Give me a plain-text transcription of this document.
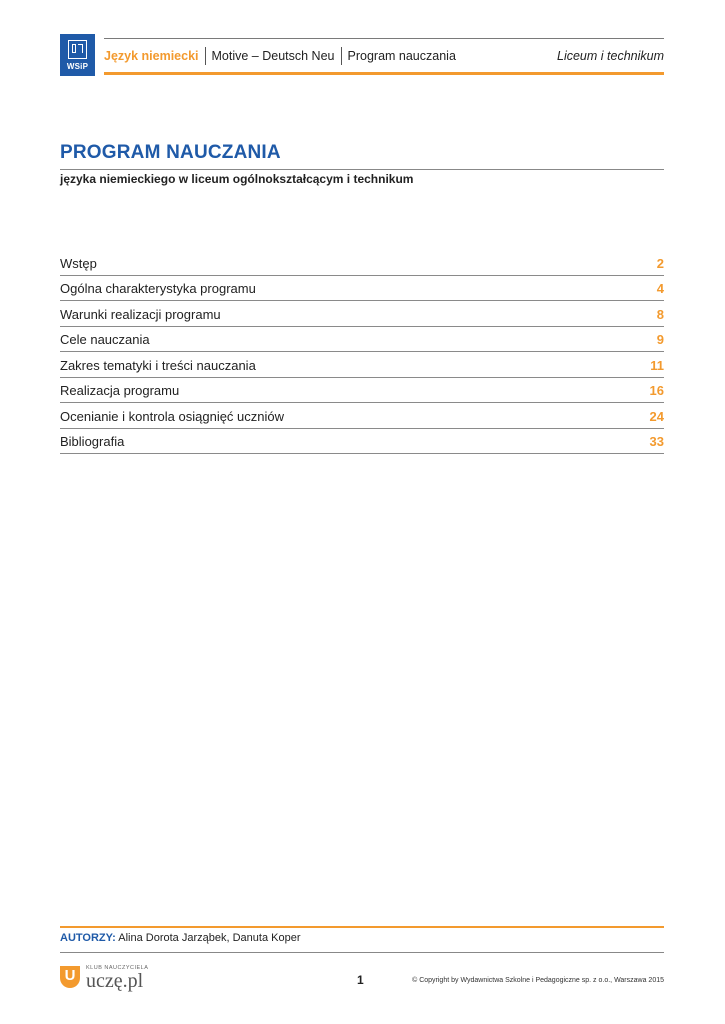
WSiP
Język niemiecki	Motive – Deutsch Neu	Program nauczania	Liceum i technikum
PROGRAM NAUCZANIA
języka niemieckiego w liceum ogólnokształcącym i technikum
Wstęp	2
Ogólna charakterystyka programu	4
Warunki realizacji programu	8
Cele nauczania	9
Zakres tematyki i treści nauczania	11
Realizacja programu	16
Ocenianie i kontrola osiągnięć uczniów	24
Bibliografia	33
AUTORZY: Alina Dorota Jarząbek, Danuta Koper
U	KLUB NAUCZYCIELA
uczę.pl	1	© Copyright by Wydawnictwa Szkolne i Pedagogiczne sp. z o.o., Warszawa 2015
